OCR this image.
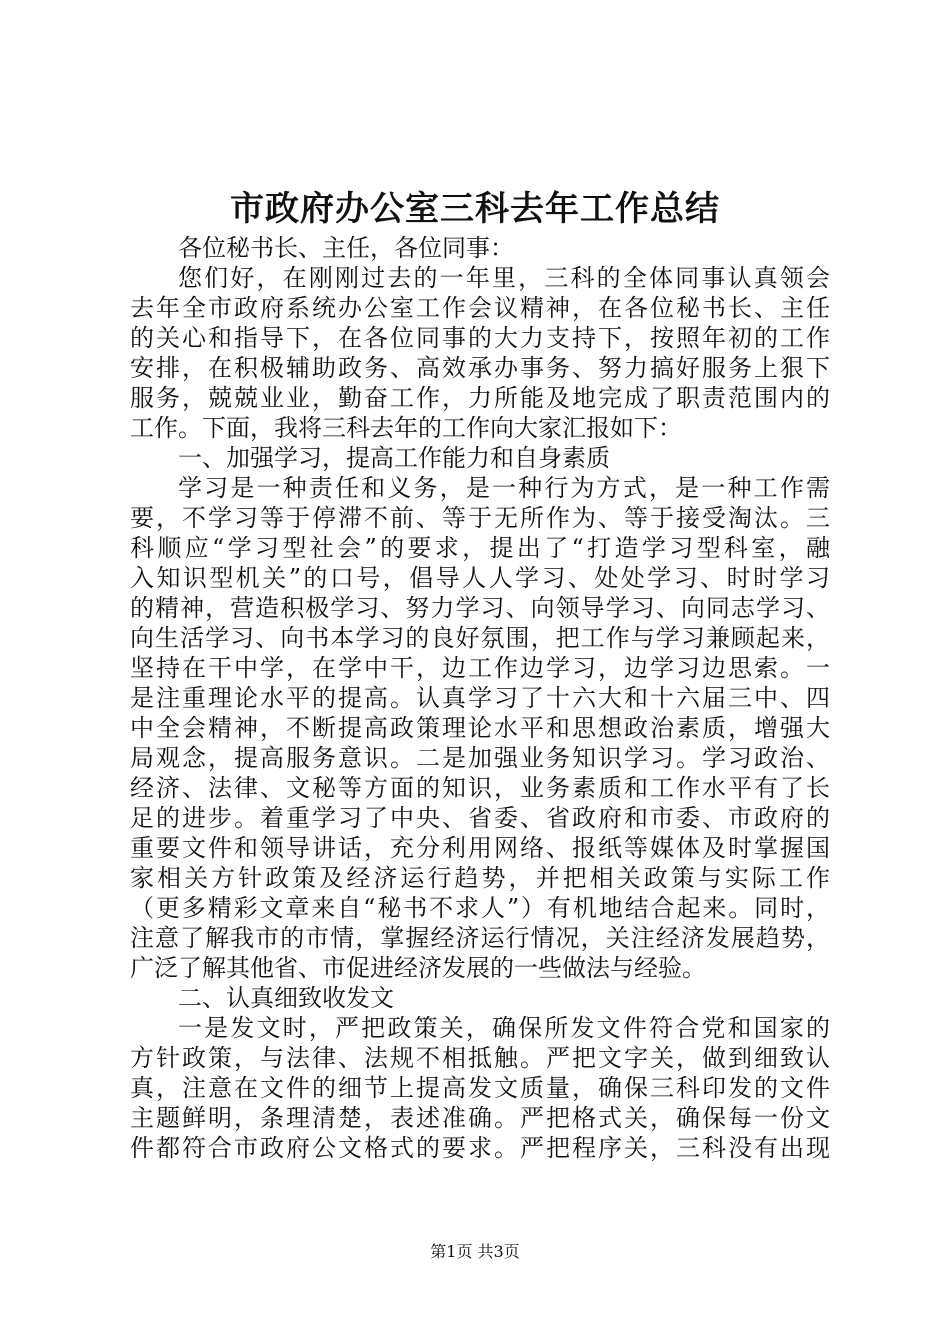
市政府办公室三科去年工作总结
各位秘书长、主任，各位同事：
您们好，在刚刚过去的一年里，三科的全体同事认真领会
去年全市政府系统办公室工作会议精神，在各位秘书长、主任
的关心和指导下，在各位同事的大力支持下，按照年初的工作
安排，在积极辅助政务、高效承办事务、努力搞好服务上狠下
服务，兢兢业业，勤奋工作，力所能及地完成了职责范围内的
工作。下面，我将三科去年的工作向大家汇报如下：
一、加强学习，提高工作能力和自身素质
学习是一种责任和义务，是一种行为方式，是一种工作需
要，不学习等于停滞不前、等于无所作为、等于接受淘汰。三
科顺应“学习型社会”的要求，提出了“打造学习型科室，融
入知识型机关”的口号，倡导人人学习、处处学习、时时学习
的精神，营造积极学习、努力学习、向领导学习、向同志学习、
向生活学习、向书本学习的良好氛围，把工作与学习兼顾起来，
坚持在干中学，在学中干，边工作边学习，边学习边思索。一
是注重理论水平的提高。认真学习了十六大和十六届三中、四
中全会精神，不断提高政策理论水平和思想政治素质，增强大
局观念，提高服务意识。二是加强业务知识学习。学习政治、
经济、法律、文秘等方面的知识，业务素质和工作水平有了长
足的进步。着重学习了中央、省委、省政府和市委、市政府的
重要文件和领导讲话，充分利用网络、报纸等媒体及时掌握国
家相关方针政策及经济运行趋势，并把相关政策与实际工作
（更多精彩文章来自“秘书不求人”）有机地结合起来。同时，
注意了解我市的市情，掌握经济运行情况，关注经济发展趋势，
广泛了解其他省、市促进经济发展的一些做法与经验。
二、认真细致收发文
一是发文时，严把政策关，确保所发文件符合党和国家的
方针政策，与法律、法规不相抵触。严把文字关，做到细致认
真，注意在文件的细节上提高发文质量，确保三科印发的文件
主题鲜明，条理清楚，表述准确。严把格式关，确保每一份文
件都符合市政府公文格式的要求。严把程序关，三科没有出现
第1页 共3页
